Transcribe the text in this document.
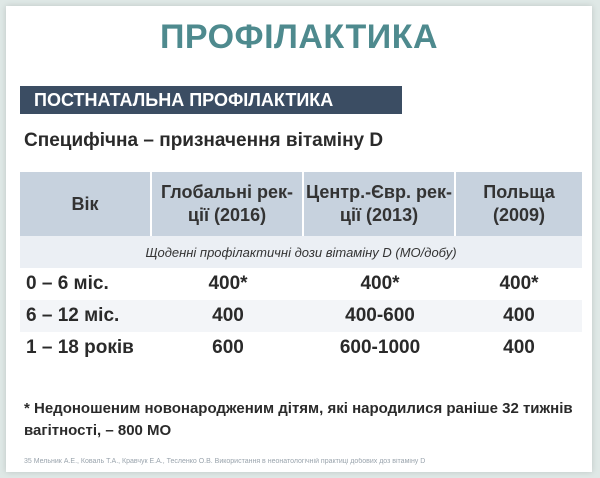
ПРОФІЛАКТИКА
ПОСТНАТАЛЬНА ПРОФІЛАКТИКА
Специфічна – призначення вітаміну D
Вік	Глобальні рек-ції (2016)	Центр.-Євр. рек-ції (2013)	Польща (2009)
Щоденні профілактичні дози вітаміну D (МО/добу)			
0 – 6 міс.	400*	400*	400*
6 – 12 міс.	400	400-600	400
1 – 18 років	600	600-1000	400
* Недоношеним новонародженим дітям, які народилися раніше 32 тижнів вагітності, – 800 МО
35 Мельник А.Е., Коваль Т.А., Кравчук Е.А., Тесленко О.В. Використання в неонатологічній практиці добових доз вітаміну D
